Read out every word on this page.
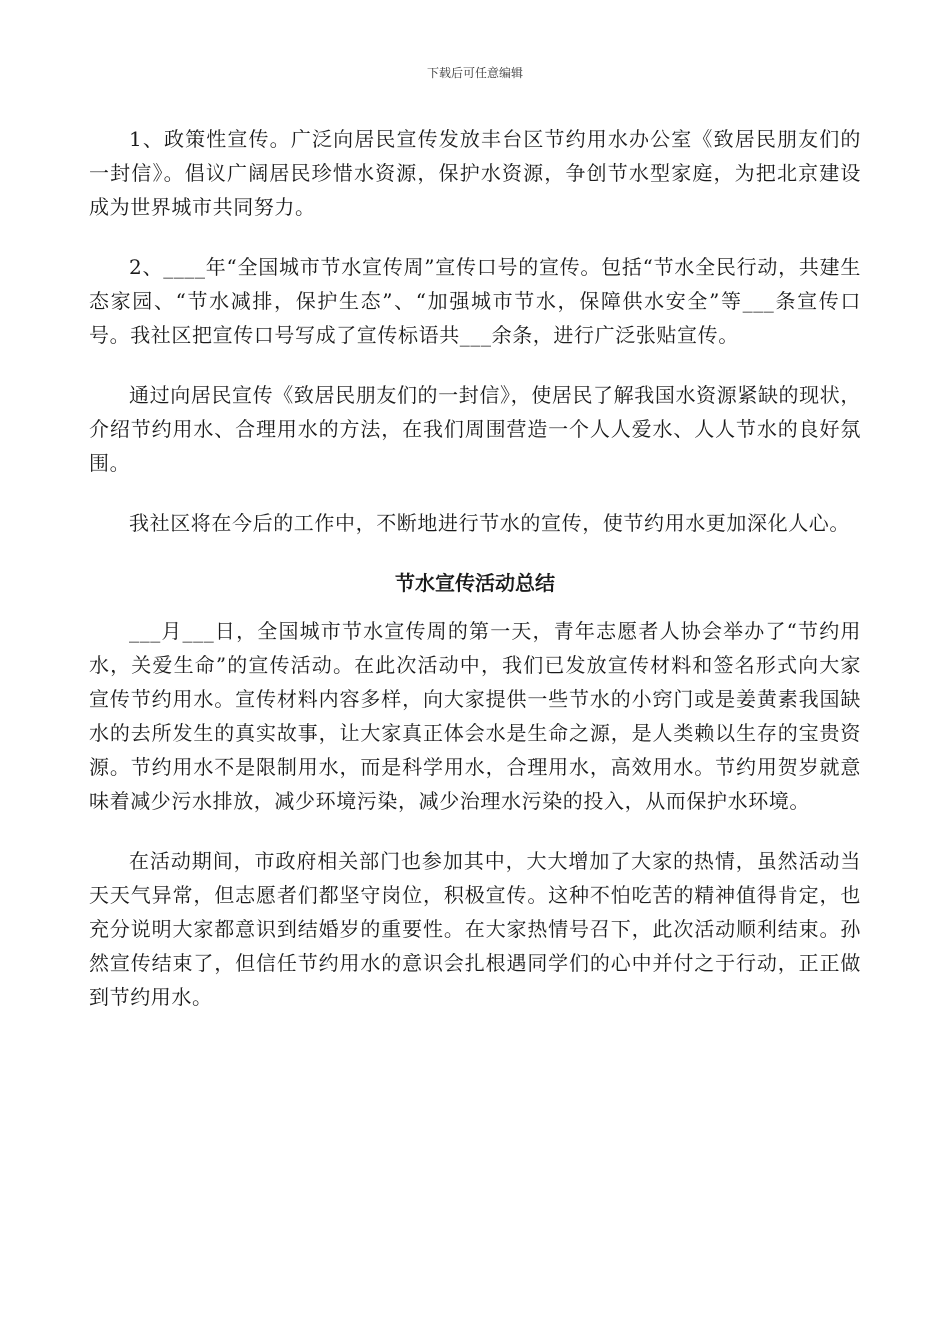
下载后可任意编辑

1、政策性宣传。广泛向居民宣传发放丰台区节约用水办公室《致居民朋友们的一封信》。倡议广阔居民珍惜水资源，保护水资源，争创节水型家庭，为把北京建设成为世界城市共同努力。

2、____年“全国城市节水宣传周”宣传口号的宣传。包括“节水全民行动，共建生态家园、“节水减排，保护生态”、“加强城市节水，保障供水安全”等___条宣传口号。我社区把宣传口号写成了宣传标语共___余条，进行广泛张贴宣传。

通过向居民宣传《致居民朋友们的一封信》，使居民了解我国水资源紧缺的现状，介绍节约用水、合理用水的方法，在我们周围营造一个人人爱水、人人节水的良好氛围。

我社区将在今后的工作中，不断地进行节水的宣传，使节约用水更加深化人心。

节水宣传活动总结

___月___日，全国城市节水宣传周的第一天，青年志愿者人协会举办了“节约用水，关爱生命”的宣传活动。在此次活动中，我们已发放宣传材料和签名形式向大家宣传节约用水。宣传材料内容多样，向大家提供一些节水的小窍门或是姜黄素我国缺水的去所发生的真实故事，让大家真正体会水是生命之源，是人类赖以生存的宝贵资源。节约用水不是限制用水，而是科学用水，合理用水，高效用水。节约用贺岁就意味着减少污水排放，减少环境污染，减少治理水污染的投入，从而保护水环境。

在活动期间，市政府相关部门也参加其中，大大增加了大家的热情，虽然活动当天天气异常，但志愿者们都坚守岗位，积极宣传。这种不怕吃苦的精神值得肯定，也充分说明大家都意识到结婚岁的重要性。在大家热情号召下，此次活动顺利结束。孙然宣传结束了，但信任节约用水的意识会扎根遇同学们的心中并付之于行动，正正做到节约用水。
